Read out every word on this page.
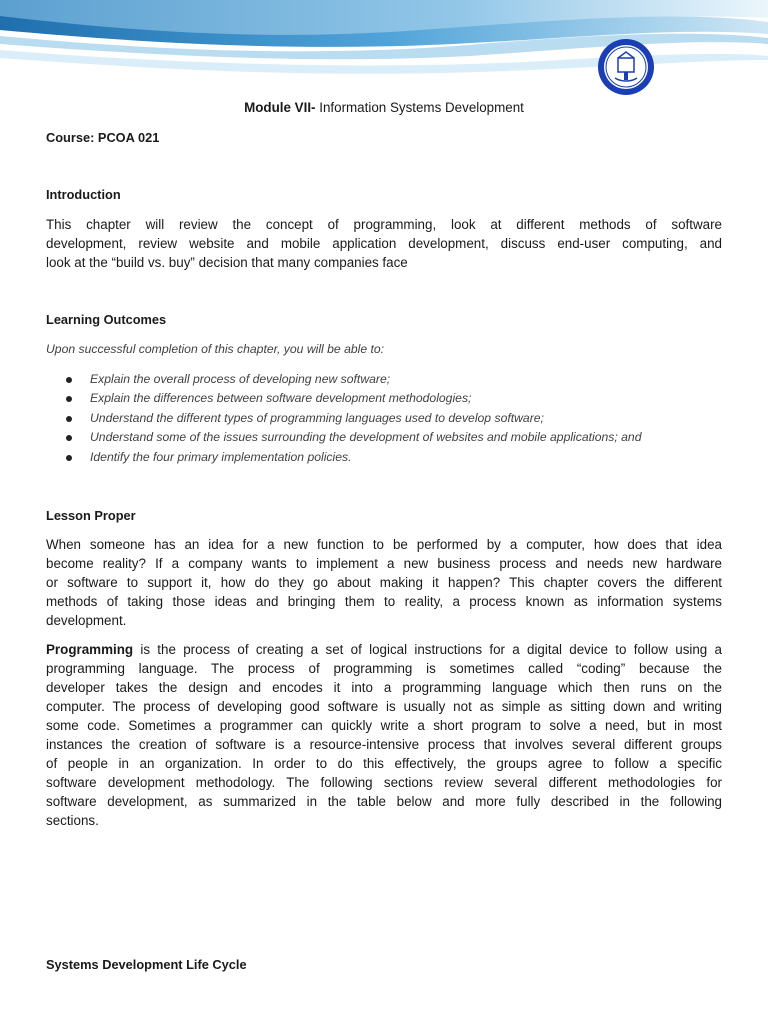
Module VII- Information Systems Development
Course: PCOA 021
Introduction
This chapter will review the concept of programming, look at different methods of software
development, review website and mobile application development, discuss end-user computing, and
look at the “build vs. buy” decision that many companies face
Learning Outcomes
Upon successful completion of this chapter, you will be able to:
Explain the overall process of developing new software;
Explain the differences between software development methodologies;
Understand the different types of programming languages used to develop software;
Understand some of the issues surrounding the development of websites and mobile applications; and
Identify the four primary implementation policies.
Lesson Proper
When someone has an idea for a new function to be performed by a computer, how does that idea
become reality? If a company wants to implement a new business process and needs new hardware
or software to support it, how do they go about making it happen? This chapter covers the different
methods of taking those ideas and bringing them to reality, a process known as information systems
development.
Programming is the process of creating a set of logical instructions for a digital device to follow using a
programming language. The process of programming is sometimes called “coding” because the
developer takes the design and encodes it into a programming language which then runs on the
computer. The process of developing good software is usually not as simple as sitting down and writing
some code. Sometimes a programmer can quickly write a short program to solve a need, but in most
instances the creation of software is a resource-intensive process that involves several different groups
of people in an organization. In order to do this effectively, the groups agree to follow a specific
software development methodology. The following sections review several different methodologies for
software development, as summarized in the table below and more fully described in the following
sections.
Systems Development Life Cycle
